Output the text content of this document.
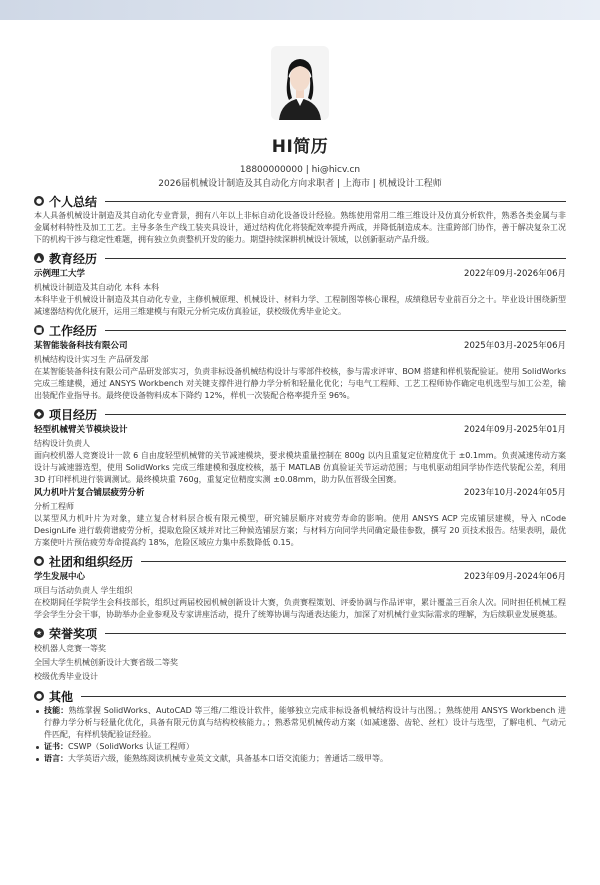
HI简历
18800000000 | hi@hicv.cn
2026届机械设计制造及其自动化方向求职者 | 上海市 | 机械设计工程师
● 个人总结
本人具备机械设计制造及其自动化专业背景，拥有八年以上非标自动化设备设计经验。熟练使用常用二维三维设计及仿真分析软件，熟悉各类金属与非金属材料特性及加工工艺。主导多条生产线工装夹具设计，通过结构优化将装配效率提升两成，并降低制造成本。注重跨部门协作，善于解决复杂工况下的机构干涉与稳定性难题，拥有独立负责整机开发的能力。期望持续深耕机械设计领域，以创新驱动产品升级。
▲ 教育经历
示例理工大学	2022年09月-2026年06月
机械设计制造及其自动化 本科 本科
本科毕业于机械设计制造及其自动化专业，主修机械原理、机械设计、材料力学、工程制图等核心课程，成绩稳居专业前百分之十。毕业设计围绕新型减速器结构优化展开，运用三维建模与有限元分析完成仿真验证，获校级优秀毕业论文。
■ 工作经历
某智能装备科技有限公司	2025年03月-2025年06月
机械结构设计实习生 产品研发部
在某智能装备科技有限公司产品研发部实习，负责非标设备机械结构设计与零部件校核，参与需求评审、BOM 搭建和样机装配验证。使用 SolidWorks 完成三维建模，通过 ANSYS Workbench 对关键支撑件进行静力学分析和轻量化优化；与电气工程师、工艺工程师协作确定电机选型与加工公差，输出装配作业指导书。最终使设备物料成本下降约 12%，样机一次装配合格率提升至 96%。
◆ 项目经历
轻型机械臂关节模块设计	2024年09月-2025年01月
结构设计负责人
面向校机器人竞赛设计一款 6 自由度轻型机械臂的关节减速模块，要求模块重量控制在 800g 以内且重复定位精度优于 ±0.1mm。负责减速传动方案设计与减速器选型，使用 SolidWorks 完成三维建模和强度校核，基于 MATLAB 仿真验证关节运动范围；与电机驱动组同学协作迭代装配公差，利用 3D 打印样机进行装调测试。最终模块重 760g，重复定位精度实测 ±0.08mm，助力队伍晋级全国赛。
风力机叶片复合铺层疲劳分析	2023年10月-2024年05月
分析工程师
以某型风力机叶片为对象，建立复合材料层合板有限元模型，研究铺层顺序对疲劳寿命的影响。使用 ANSYS ACP 完成铺层建模，导入 nCode DesignLife 进行载荷谱疲劳分析，提取危险区域并对比三种候选铺层方案；与材料方向同学共同确定最佳参数，撰写 20 页技术报告。结果表明，最优方案使叶片预估疲劳寿命提高约 18%，危险区域应力集中系数降低 0.15。
● 社团和组织经历
学生发展中心	2023年09月-2024年06月
项目与活动负责人 学生组织
在校期间任学院学生会科技部长，组织过两届校园机械创新设计大赛，负责赛程策划、评委协调与作品评审，累计覆盖三百余人次。同时担任机械工程学会学生分会干事，协助举办企业参观及专家讲座活动，提升了统筹协调与沟通表达能力，加深了对机械行业实际需求的理解，为后续职业发展奠基。
★ 荣誉奖项
校机器人竞赛一等奖
全国大学生机械创新设计大赛省级二等奖
校级优秀毕业设计
● 其他
技能：熟练掌握 SolidWorks、AutoCAD 等三维/二维设计软件，能够独立完成非标设备机械结构设计与出图。；熟练使用 ANSYS Workbench 进行静力学分析与轻量化优化，具备有限元仿真与结构校核能力。；熟悉常见机械传动方案（如减速器、齿轮、丝杠）设计与选型，了解电机、气动元件匹配，有样机装配验证经验。
证书：CSWP（SolidWorks 认证工程师）
语言：大学英语六级，能熟练阅读机械专业英文文献，具备基本口语交流能力；普通话二级甲等。
